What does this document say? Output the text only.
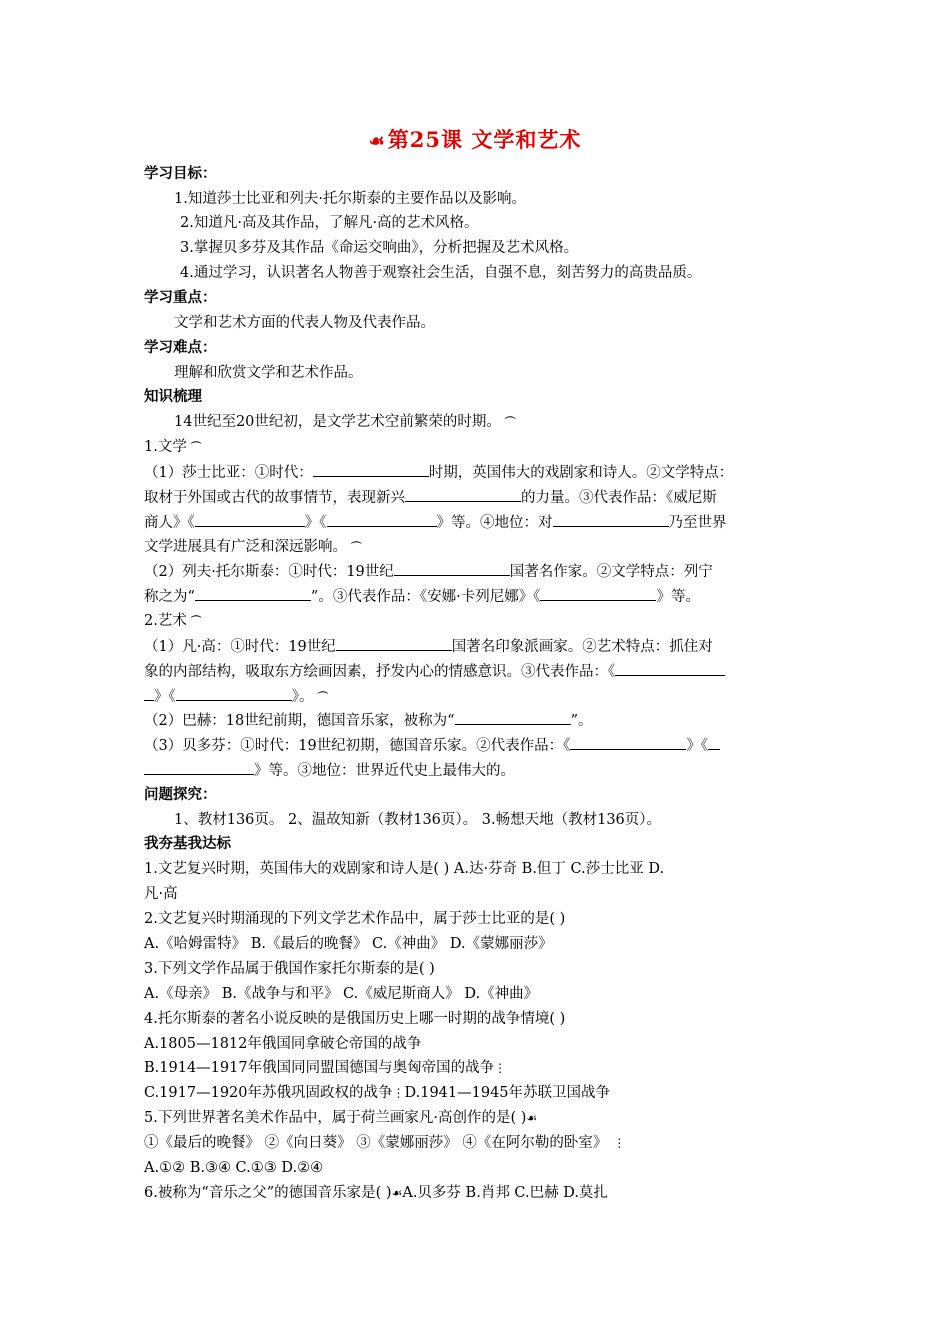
☙第25课 文学和艺术
学习目标：
1.知道莎士比亚和列夫·托尔斯泰的主要作品以及影响。
2.知道凡·高及其作品，了解凡·高的艺术风格。
3.掌握贝多芬及其作品《命运交响曲》，分析把握及艺术风格。
4.通过学习，认识著名人物善于观察社会生活，自强不息，刻苦努力的高贵品质。
学习重点：
文学和艺术方面的代表人物及代表作品。
学习难点：
理解和欣赏文学和艺术作品。
知识梳理
14世纪至20世纪初，是文学艺术空前繁荣的时期。 ⏜
1.文学 ⏜
（1）莎士比亚：①时代：	时期，英国伟大的戏剧家和诗人。②文学特点：
取材于外国或古代的故事情节，表现新兴	的力量。③代表作品：《威尼斯
商人》《	》《	》等。④地位：对	乃至世界
文学进展具有广泛和深远影响。 ⏜
（2）列夫·托尔斯泰：①时代：19世纪	国著名作家。②文学特点：列宁
称之为“	”。③代表作品：《安娜·卡列尼娜》《	》等。
2.艺术 ⏜
（1）凡·高：①时代：19世纪	国著名印象派画家。②艺术特点：抓住对
象的内部结构，吸取东方绘画因素，抒发内心的情感意识。③代表作品：《
》《	》。 ⏜
（2）巴赫：18世纪前期，德国音乐家，被称为“	”。
（3）贝多芬：①时代：19世纪初期，德国音乐家。②代表作品：《	》《
》等。③地位：世界近代史上最伟大的。
问题探究：
1、教材136页。 2、温故知新（教材136页）。 3.畅想天地（教材136页）。
我夯基我达标
1.文艺复兴时期，英国伟大的戏剧家和诗人是( ) A.达·芬奇 B.但丁 C.莎士比亚 D.
凡·高
2.文艺复兴时期涌现的下列文学艺术作品中，属于莎士比亚的是( )
A.《哈姆雷特》 B.《最后的晚餐》 C.《神曲》 D.《蒙娜丽莎》
3.下列文学作品属于俄国作家托尔斯泰的是( )
A.《母亲》 B.《战争与和平》 C.《威尼斯商人》 D.《神曲》
4.托尔斯泰的著名小说反映的是俄国历史上哪一时期的战争情境( )
A.1805—1812年俄国同拿破仑帝国的战争
B.1914—1917年俄国同同盟国德国与奥匈帝国的战争⋮
C.1917—1920年苏俄巩固政权的战争⋮D.1941—1945年苏联卫国战争
5.下列世界著名美术作品中，属于荷兰画家凡·高创作的是( )☙
①《最后的晚餐》 ②《向日葵》 ③《蒙娜丽莎》 ④《在阿尔勒的卧室》 ⋮
A.①② B.③④ C.①③ D.②④
6.被称为“音乐之父”的德国音乐家是( )☙A.贝多芬 B.肖邦 C.巴赫 D.莫扎
